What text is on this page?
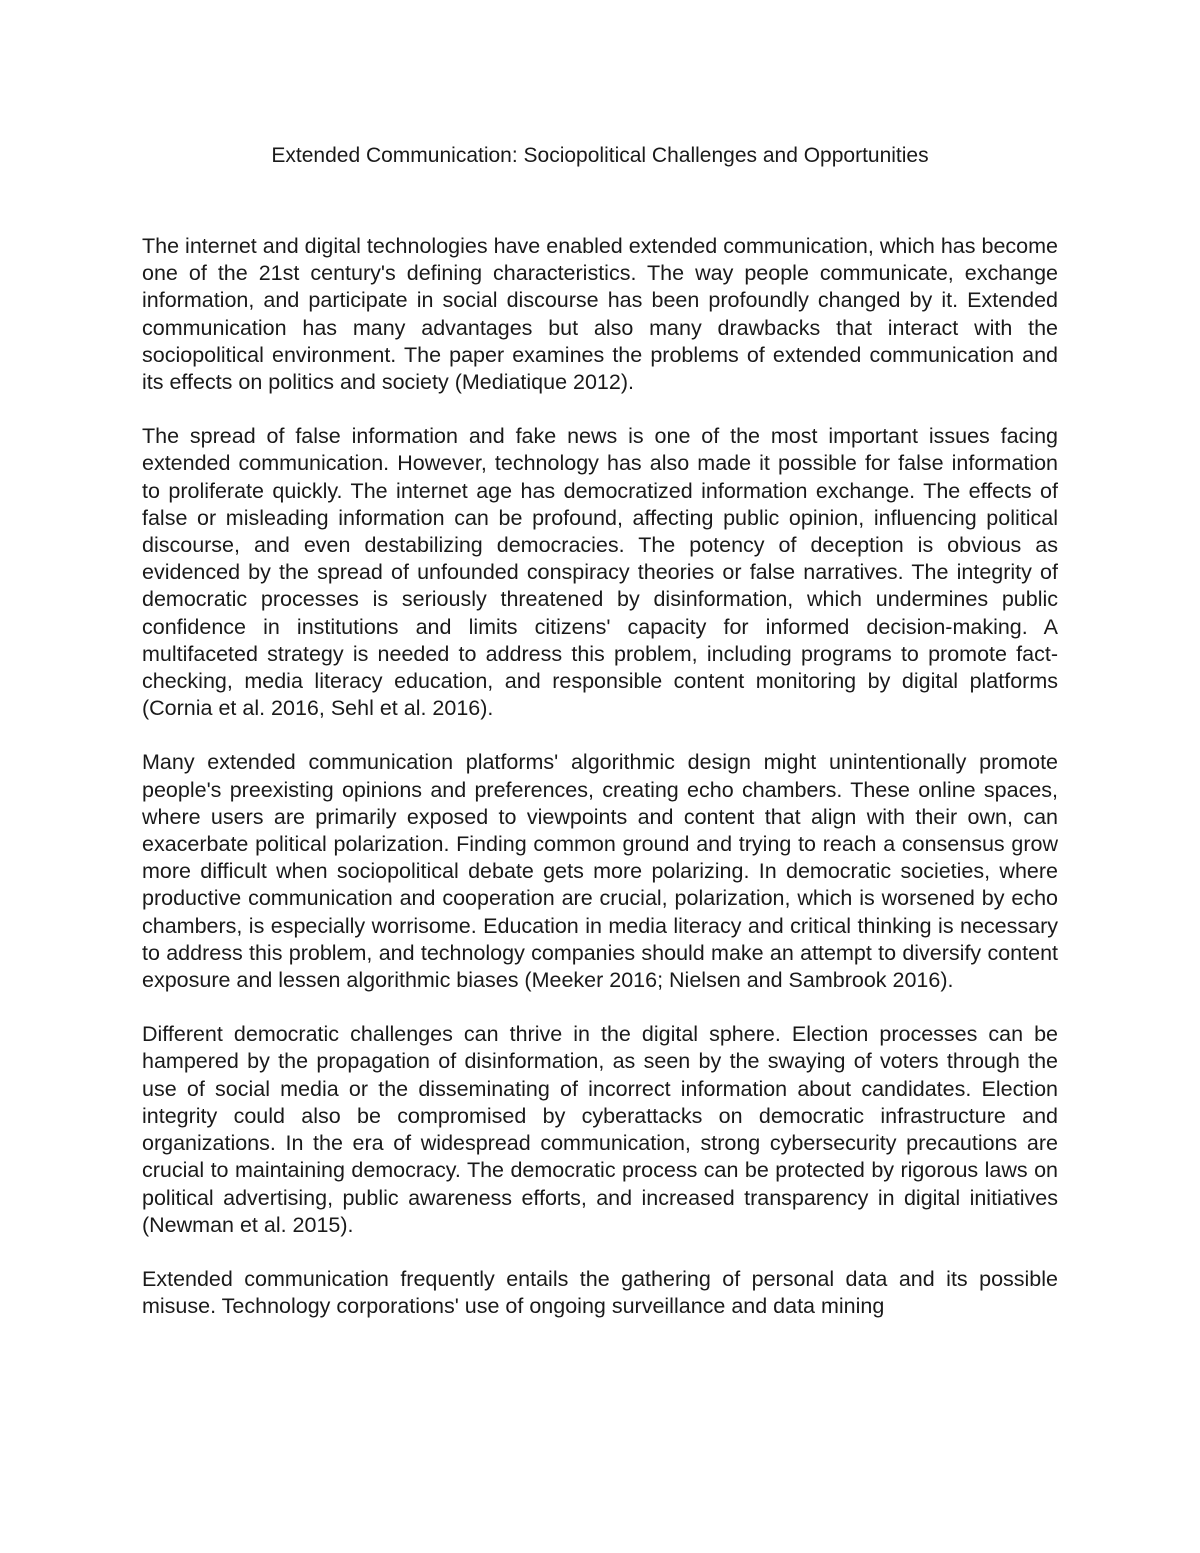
Extended Communication: Sociopolitical Challenges and Opportunities

The internet and digital technologies have enabled extended communication, which has become one of the 21st century's defining characteristics. The way people communicate, exchange information, and participate in social discourse has been profoundly changed by it. Extended communication has many advantages but also many drawbacks that interact with the sociopolitical environment. The paper examines the problems of extended communication and its effects on politics and society (Mediatique 2012).

The spread of false information and fake news is one of the most important issues facing extended communication. However, technology has also made it possible for false information to proliferate quickly. The internet age has democratized information exchange. The effects of false or misleading information can be profound, affecting public opinion, influencing political discourse, and even destabilizing democracies. The potency of deception is obvious as evidenced by the spread of unfounded conspiracy theories or false narratives. The integrity of democratic processes is seriously threatened by disinformation, which undermines public confidence in institutions and limits citizens' capacity for informed decision-making. A multifaceted strategy is needed to address this problem, including programs to promote fact-checking, media literacy education, and responsible content monitoring by digital platforms (Cornia et al. 2016, Sehl et al. 2016).

Many extended communication platforms' algorithmic design might unintentionally promote people's preexisting opinions and preferences, creating echo chambers. These online spaces, where users are primarily exposed to viewpoints and content that align with their own, can exacerbate political polarization. Finding common ground and trying to reach a consensus grow more difficult when sociopolitical debate gets more polarizing. In democratic societies, where productive communication and cooperation are crucial, polarization, which is worsened by echo chambers, is especially worrisome. Education in media literacy and critical thinking is necessary to address this problem, and technology companies should make an attempt to diversify content exposure and lessen algorithmic biases (Meeker 2016; Nielsen and Sambrook 2016).

Different democratic challenges can thrive in the digital sphere. Election processes can be hampered by the propagation of disinformation, as seen by the swaying of voters through the use of social media or the disseminating of incorrect information about candidates. Election integrity could also be compromised by cyberattacks on democratic infrastructure and organizations. In the era of widespread communication, strong cybersecurity precautions are crucial to maintaining democracy. The democratic process can be protected by rigorous laws on political advertising, public awareness efforts, and increased transparency in digital initiatives (Newman et al. 2015).

Extended communication frequently entails the gathering of personal data and its possible misuse. Technology corporations' use of ongoing surveillance and data mining
